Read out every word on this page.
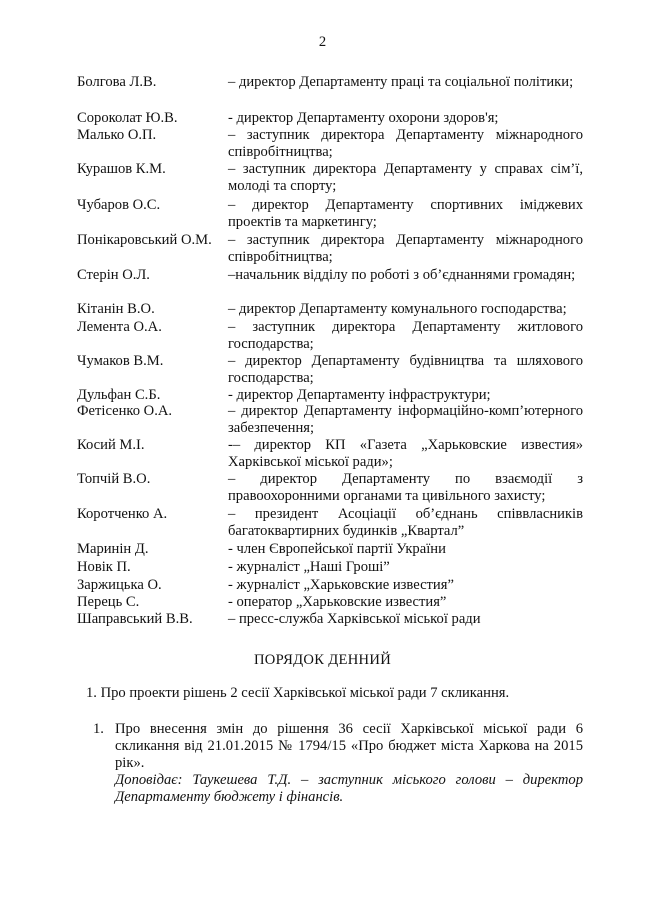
2
Болгова Л.В.	– директор Департаменту праці та соціальної політики;
Сороколат Ю.В.	- директор Департаменту охорони здоров'я;
Малько О.П.	– заступник директора Департаменту міжнародного співробітництва;
Курашов К.М.	– заступник директора Департаменту у справах сім’ї, молоді та спорту;
Чубаров О.С.	– директор Департаменту спортивних іміджевих проектів та маркетингу;
Понікаровський О.М.	– заступник директора Департаменту міжнародного співробітництва;
Стерін О.Л.	–начальник відділу по роботі з об’єднаннями громадян;
Кітанін В.О.	– директор Департаменту комунального господарства;
Лемента О.А.	– заступник директора Департаменту житлового господарства;
Чумаков В.М.	– директор Департаменту будівництва та шляхового господарства;
Дульфан С.Б.	- директор Департаменту інфраструктури;
Фетісенко О.А.	– директор Департаменту інформаційно-комп’ютерного забезпечення;
Косий М.І.	-– директор КП «Газета „Харьковские известия» Харківської міської ради»;
Топчій В.О.	– директор Департаменту по взаємодії з правоохоронними органами та цивільного захисту;
Коротченко А.	– президент Асоціації об’єднань співвласників багатоквартирних будинків „Квартал”
Маринін Д.	- член Європейської партії України
Новік П.	- журналіст „Наші Гроші”
Заржицька О.	- журналіст „Харьковские известия”
Перець С.	- оператор „Харьковские известия”
Шаправський В.В.	– пресс-cлужба Харківської міської ради
ПОРЯДОК ДЕННИЙ
1. Про проекти рішень 2 сесії Харківської міської ради 7 скликання.
1. Про внесення змін до рішення 36 сесії Харківської міської ради 6 скликання від 21.01.2015 № 1794/15 «Про бюджет міста Харкова на 2015 рік».
Доповідає: Таукешева Т.Д. – заступник міського голови – директор Департаменту бюджету і фінансів.
